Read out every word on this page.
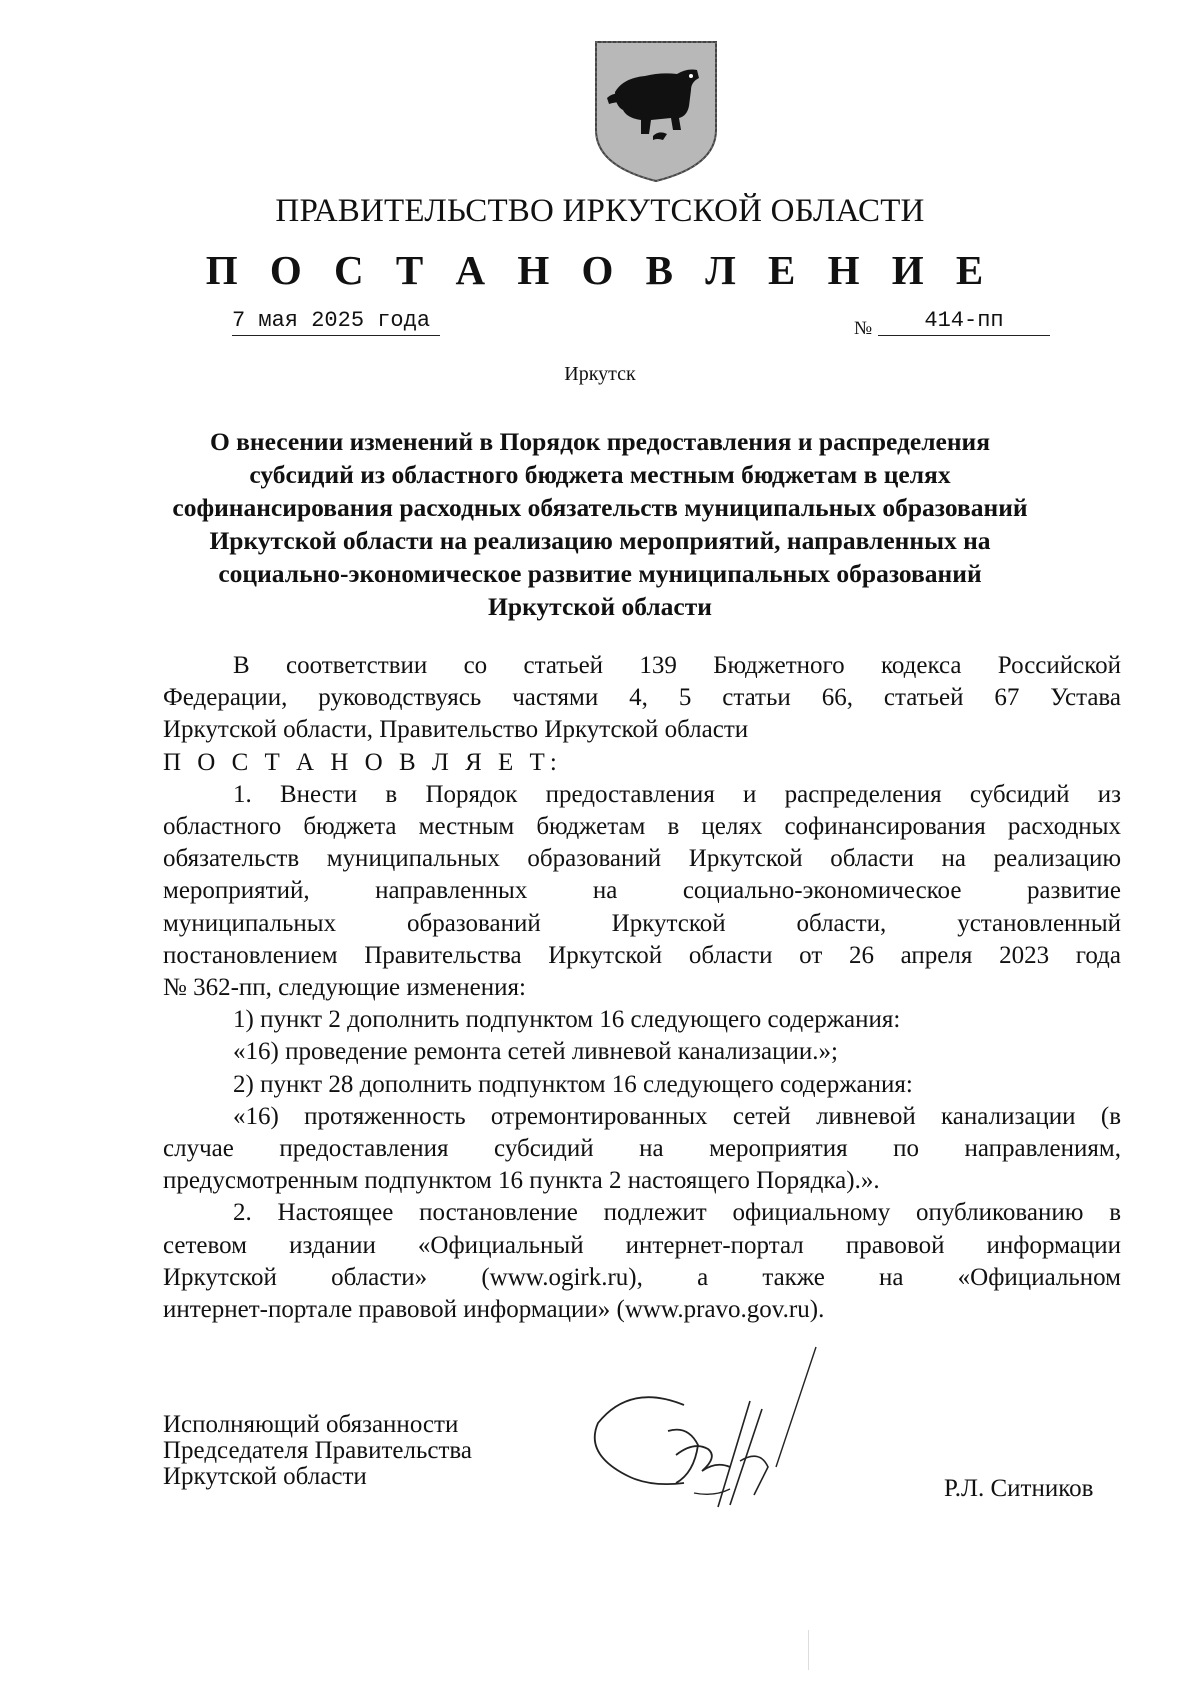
ПРАВИТЕЛЬСТВО ИРКУТСКОЙ ОБЛАСТИ
П О С Т А Н О В Л Е Н И Е
7 мая 2025 года	№	414-пп
Иркутск
О внесении изменений в Порядок предоставления и распределения
субсидий из областного бюджета местным бюджетам в целях
софинансирования расходных обязательств муниципальных образований
Иркутской области на реализацию мероприятий, направленных на
социально-экономическое развитие муниципальных образований
Иркутской области
В соответствии со статьей 139 Бюджетного кодекса Российской
Федерации, руководствуясь частями 4, 5 статьи 66, статьей 67 Устава
Иркутской области, Правительство Иркутской области
П О С Т А Н О В Л Я Е Т:
1. Внести в Порядок предоставления и распределения субсидий из
областного бюджета местным бюджетам в целях софинансирования расходных
обязательств муниципальных образований Иркутской области на реализацию
мероприятий, направленных на социально-экономическое развитие
муниципальных образований Иркутской области, установленный
постановлением Правительства Иркутской области от 26 апреля 2023 года
№ 362-пп, следующие изменения:
1) пункт 2 дополнить подпунктом 16 следующего содержания:
«16) проведение ремонта сетей ливневой канализации.»;
2) пункт 28 дополнить подпунктом 16 следующего содержания:
«16) протяженность отремонтированных сетей ливневой канализации (в
случае предоставления субсидий на мероприятия по направлениям,
предусмотренным подпунктом 16 пункта 2 настоящего Порядка).».
2. Настоящее постановление подлежит официальному опубликованию в
сетевом издании «Официальный интернет-портал правовой информации
Иркутской области» (www.ogirk.ru), а также на «Официальном
интернет-портале правовой информации» (www.pravo.gov.ru).
Исполняющий обязанности
Председателя Правительства
Иркутской области	Р.Л. Ситников
